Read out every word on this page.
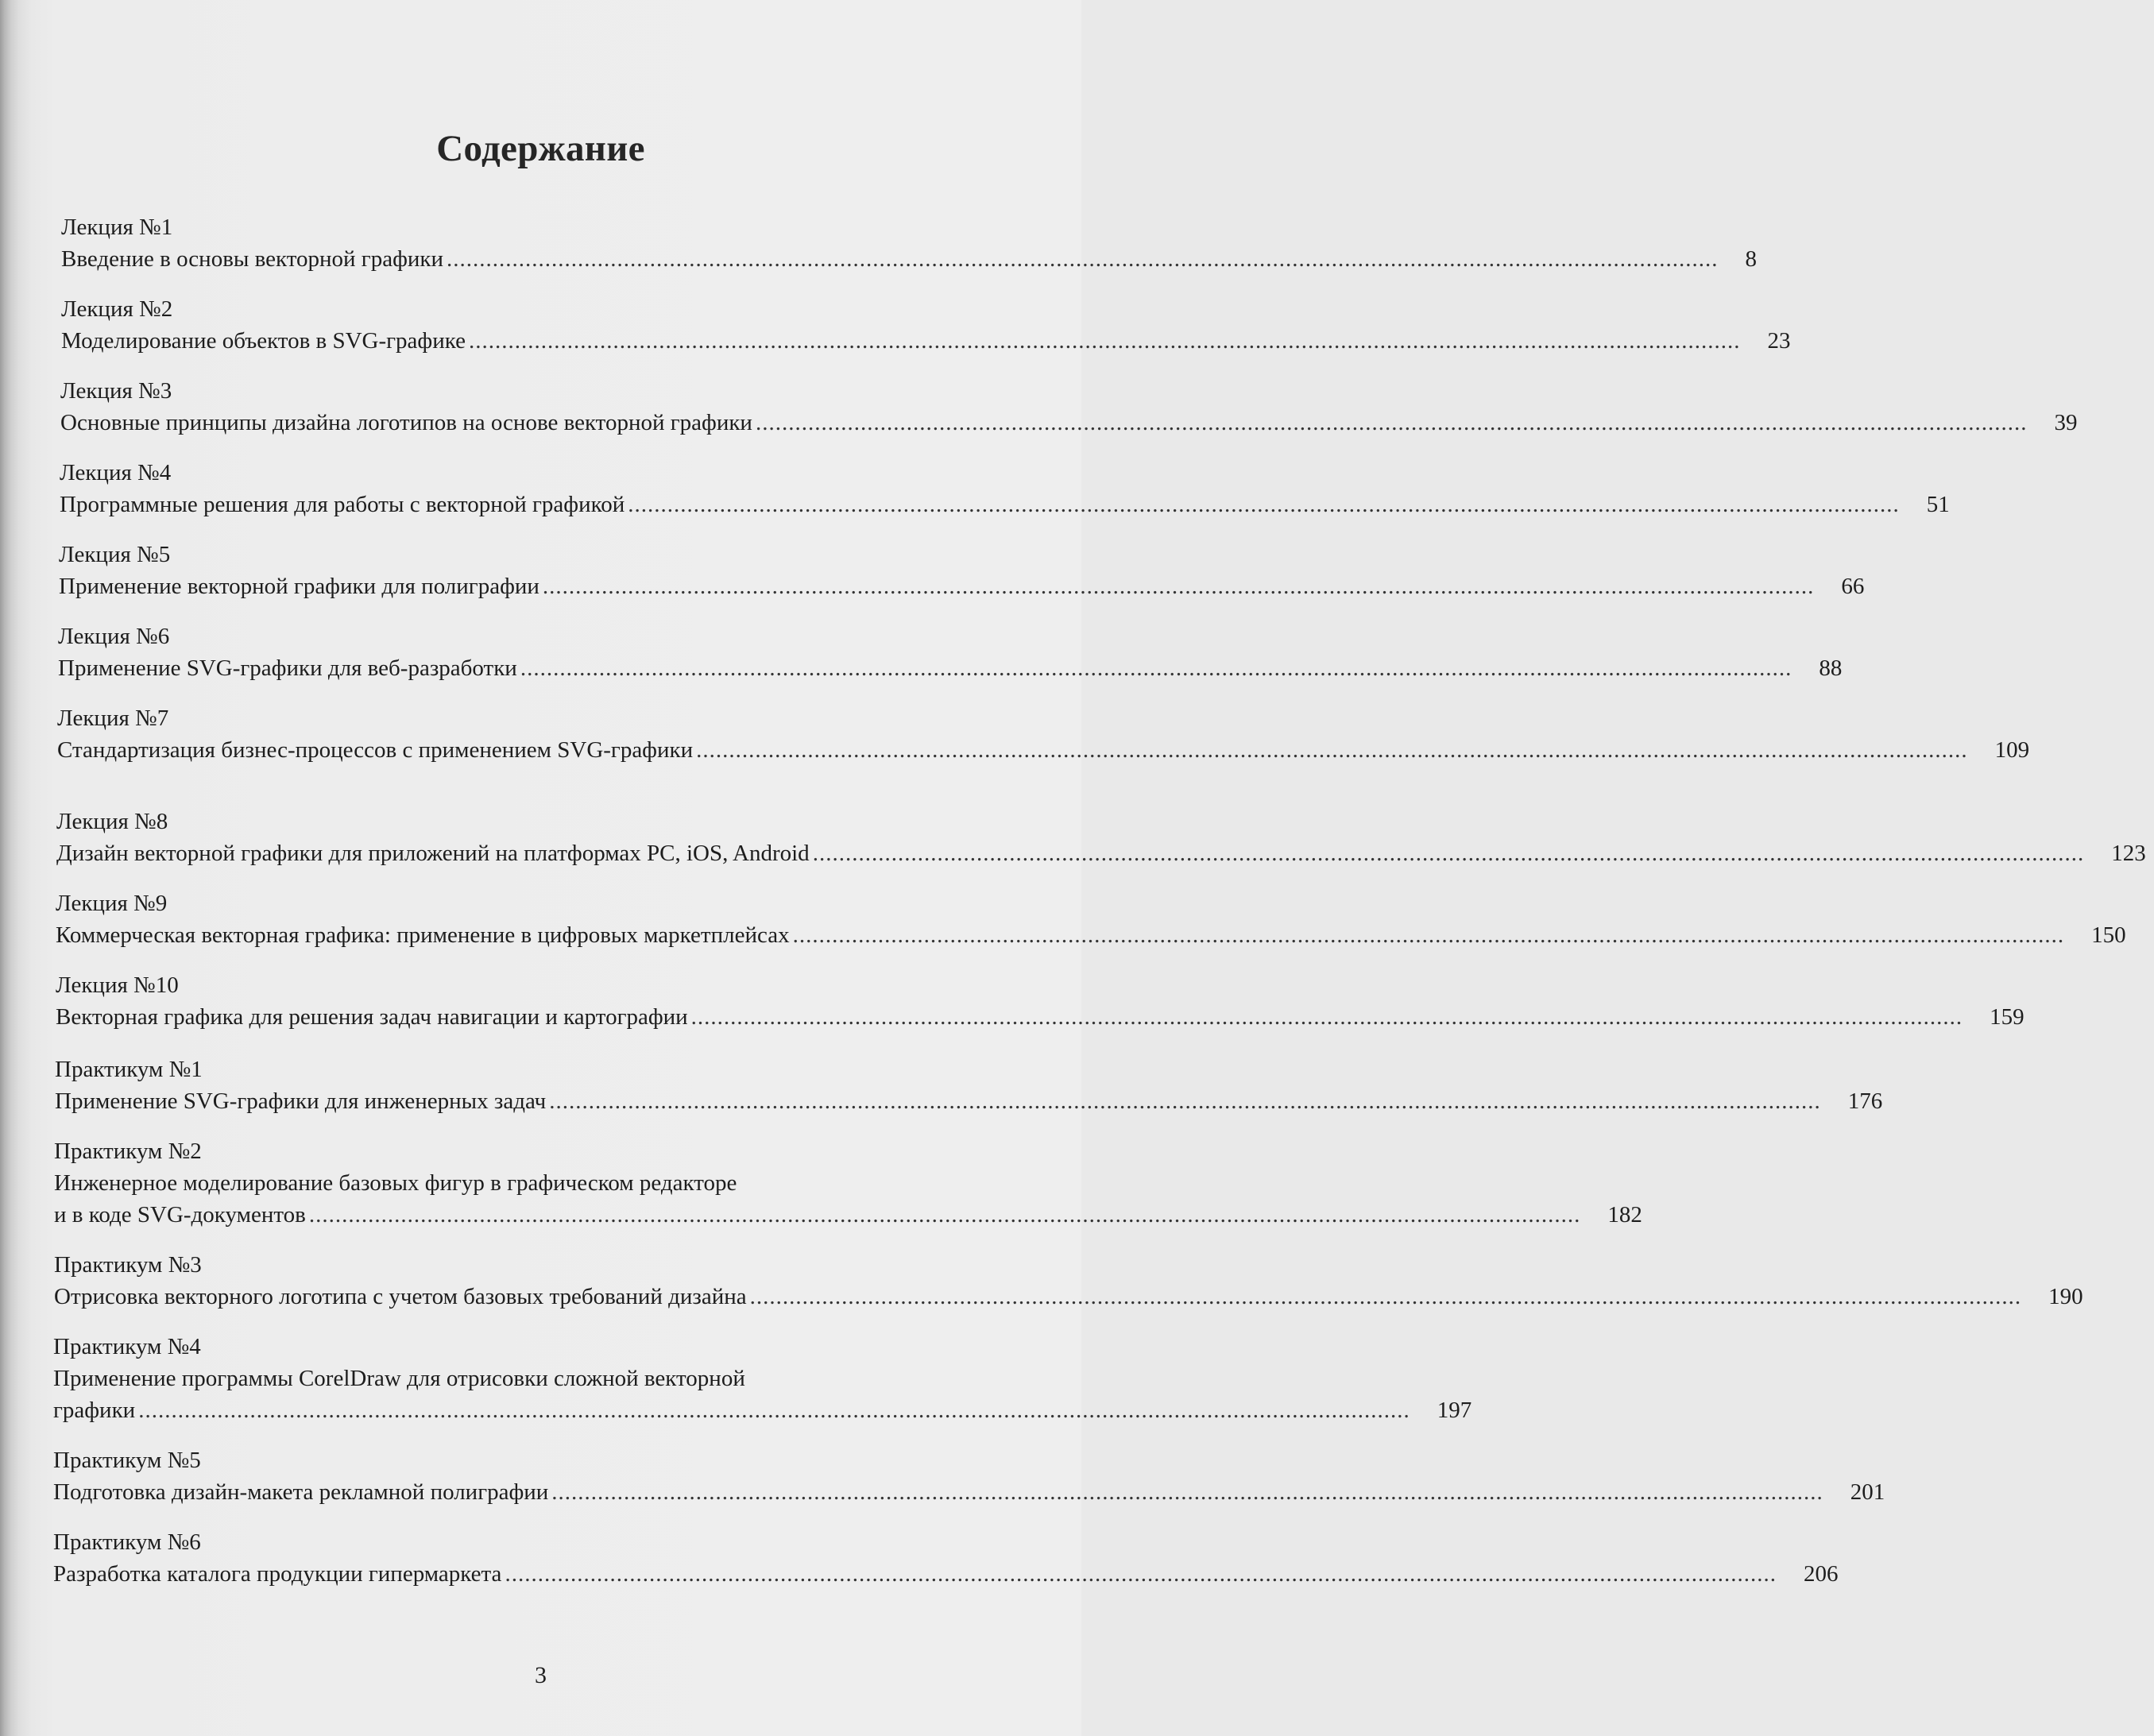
Содержание
Лекция №1
Введение в основы векторной графики .................................................................................................................................................................................................. 8
Лекция №2
Моделирование объектов в SVG-графике .................................................................................................................................................................................................. 23
Лекция №3
Основные принципы дизайна логотипов на основе векторной графики .................................................................................................................................................................................................. 39
Лекция №4
Программные решения для работы с векторной графикой .................................................................................................................................................................................................. 51
Лекция №5
Применение векторной графики для полиграфии .................................................................................................................................................................................................. 66
Лекция №6
Применение SVG-графики для веб-разработки .................................................................................................................................................................................................. 88
Лекция №7
Стандартизация бизнес-процессов с применением SVG-графики .................................................................................................................................................................................................. 109
Лекция №8
Дизайн векторной графики для приложений на платформах PC, iOS, Android .................................................................................................................................................................................................. 123
Лекция №9
Коммерческая векторная графика: применение в цифровых маркетплейсах .................................................................................................................................................................................................. 150
Лекция №10
Векторная графика для решения задач навигации и картографии .................................................................................................................................................................................................. 159
Практикум №1
Применение SVG-графики для инженерных задач .................................................................................................................................................................................................. 176
Практикум №2
Инженерное моделирование базовых фигур в графическом редакторе
и в коде SVG-документов .................................................................................................................................................................................................. 182
Практикум №3
Отрисовка векторного логотипа с учетом базовых требований дизайна .................................................................................................................................................................................................. 190
Практикум №4
Применение программы CorelDraw для отрисовки сложной векторной
графики .................................................................................................................................................................................................. 197
Практикум №5
Подготовка дизайн-макета рекламной полиграфии .................................................................................................................................................................................................. 201
Практикум №6
Разработка каталога продукции гипермаркета .................................................................................................................................................................................................. 206
3
